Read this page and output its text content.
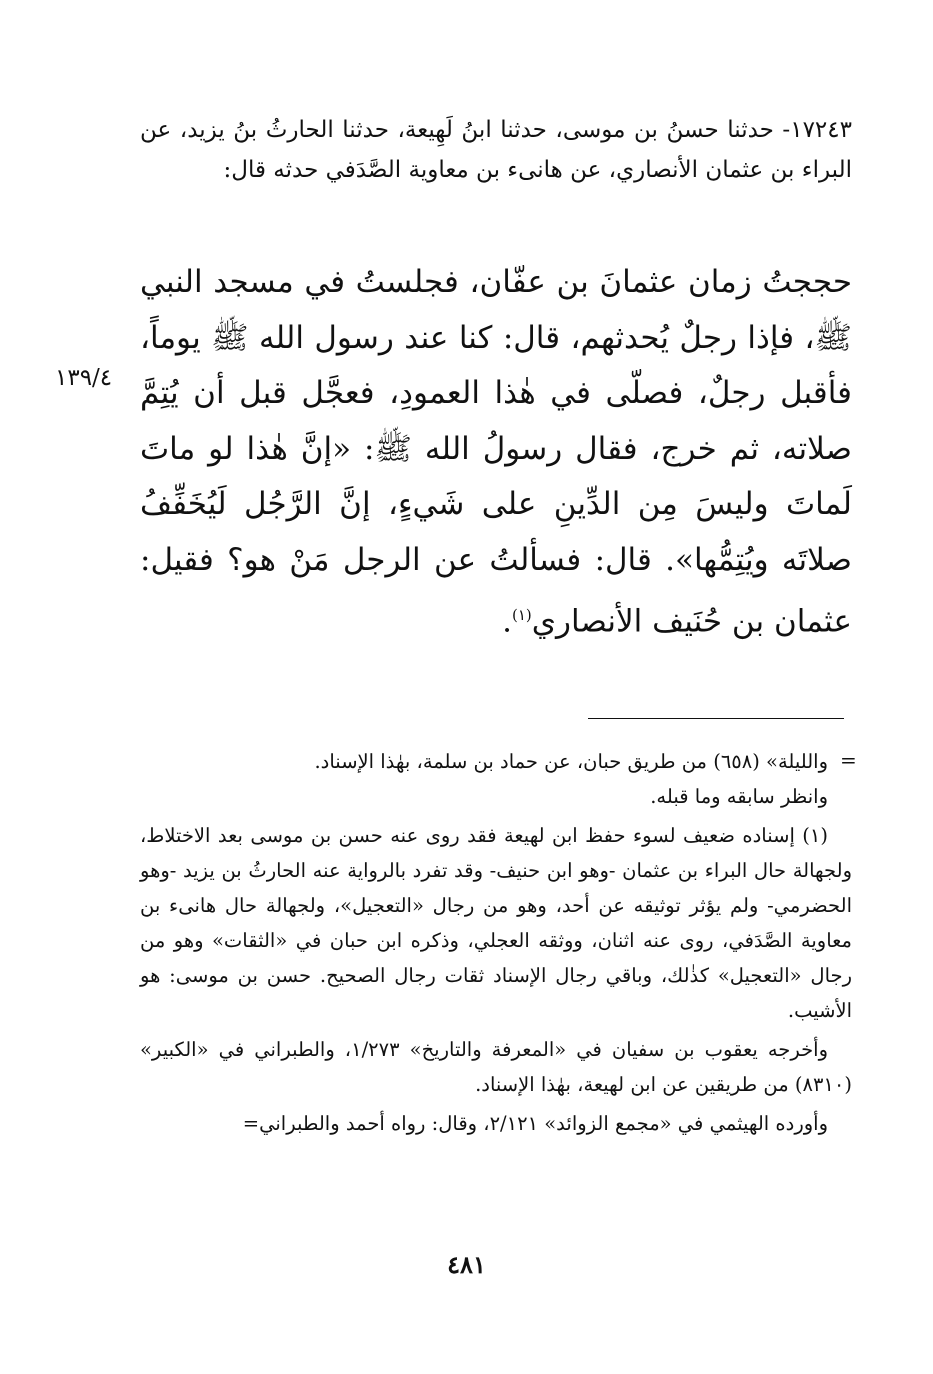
١٧٢٤٣- حدثنا حسنُ بن موسى، حدثنا ابنُ لَهِيعة، حدثنا الحارثُ بنُ يزيد، عن البراء بن عثمان الأنصاري، عن هانىء بن معاوية الصَّدَفي حدثه قال:
حججتُ زمان عثمانَ بن عفّان، فجلستُ في مسجد النبي ﷺ، فإذا رجلٌ يُحدثهم، قال: كنا عند رسول الله ﷺ يوماً، فأقبل رجلٌ، فصلّى في هٰذا العمودِ، فعجَّل قبل أن يُتِمَّ صلاته، ثم خرج، فقال رسولُ الله ﷺ: «إنَّ هٰذا لو ماتَ لَماتَ وليسَ مِن الدِّينِ على شَيءٍ، إنَّ الرَّجُل لَيُخَفِّفُ صلاتَه ويُتِمُّها». قال: فسألتُ عن الرجل مَنْ هو؟ فقيل: عثمان بن حُنَيف الأنصاري$^{(١)}$.
١٣٩/٤
=

والليلة» (٦٥٨) من طريق حبان، عن حماد بن سلمة، بهٰذا الإسناد.

وانظر سابقه وما قبله.

(١) إسناده ضعيف لسوء حفظ ابن لهيعة فقد روى عنه حسن بن موسى بعد الاختلاط، ولجهالة حال البراء بن عثمان -وهو ابن حنيف- وقد تفرد بالرواية عنه الحارثُ بن يزيد -وهو الحضرمي- ولم يؤثر توثيقه عن أحد، وهو من رجال «التعجيل»، ولجهالة حال هانىء بن معاوية الصَّدَفي، روى عنه اثنان، ووثقه العجلي، وذكره ابن حبان في «الثقات» وهو من رجال «التعجيل» كذٰلك، وباقي رجال الإسناد ثقات رجال الصحيح. حسن بن موسى: هو الأشيب.

وأخرجه يعقوب بن سفيان في «المعرفة والتاريخ» ١/٢٧٣، والطبراني في «الكبير» (٨٣١٠) من طريقين عن ابن لهيعة، بهٰذا الإسناد.

وأورده الهيثمي في «مجمع الزوائد» ٢/١٢١، وقال: رواه أحمد والطبراني=

٤٨١
